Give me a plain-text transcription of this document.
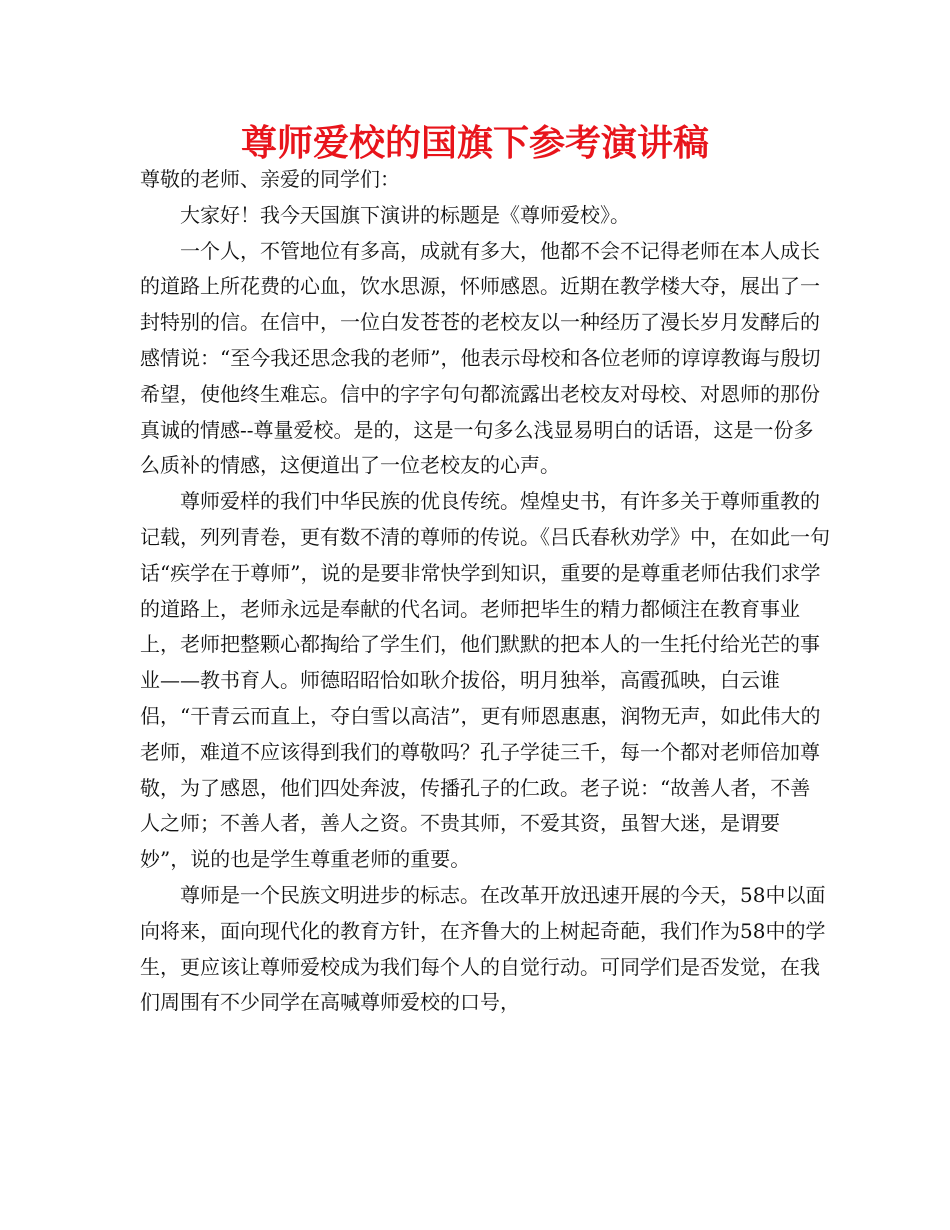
尊师爱校的国旗下参考演讲稿

尊敬的老师、亲爱的同学们：

大家好！我今天国旗下演讲的标题是《尊师爱校》。

一个人，不管地位有多高，成就有多大，他都不会不记得老师在本人成长的道路上所花费的心血，饮水思源，怀师感恩。近期在教学楼大夺，展出了一封特别的信。在信中，一位白发苍苍的老校友以一种经历了漫长岁月发酵后的感情说：“至今我还思念我的老师”，他表示母校和各位老师的谆谆教诲与殷切希望，使他终生难忘。信中的字字句句都流露出老校友对母校、对恩师的那份真诚的情感--尊量爱校。是的，这是一句多么浅显易明白的话语，这是一份多么质补的情感，这便道出了一位老校友的心声。

尊师爱样的我们中华民族的优良传统。煌煌史书，有许多关于尊师重教的记载，列列青卷，更有数不清的尊师的传说。《吕氏春秋劝学》中，在如此一句话“疾学在于尊师”，说的是要非常快学到知识，重要的是尊重老师估我们求学的道路上，老师永远是奉献的代名词。老师把毕生的精力都倾注在教育事业上，老师把整颗心都掏给了学生们，他们默默的把本人的一生托付给光芒的事业——教书育人。师德昭昭恰如耿介拔俗，明月独举，高霞孤映，白云谁侣，“干青云而直上，夺白雪以高洁”，更有师恩惠惠，润物无声，如此伟大的老师，难道不应该得到我们的尊敬吗？孔子学徒三千，每一个都对老师倍加尊敬，为了感恩，他们四处奔波，传播孔子的仁政。老子说：“故善人者，不善人之师；不善人者，善人之资。不贵其师，不爱其资，虽智大迷，是谓要妙”，说的也是学生尊重老师的重要。

尊师是一个民族文明进步的标志。在改革开放迅速开展的今天，58中以面向将来，面向现代化的教育方针，在齐鲁大的上树起奇葩，我们作为58中的学生，更应该让尊师爱校成为我们每个人的自觉行动。可同学们是否发觉，在我们周围有不少同学在高喊尊师爱校的口号，
